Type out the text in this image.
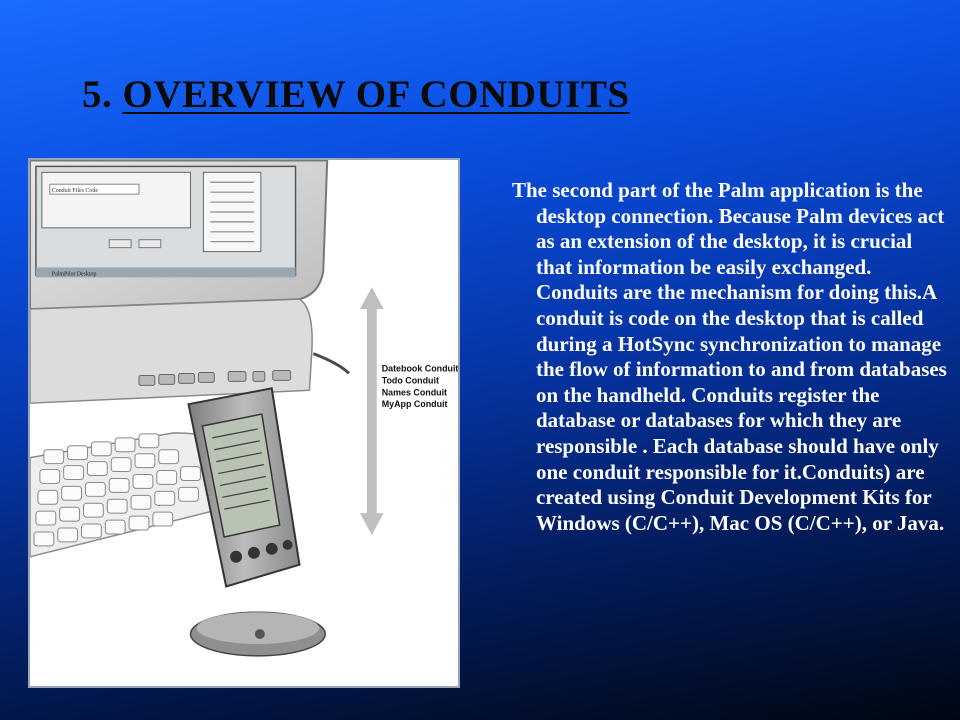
5. OVERVIEW OF CONDUITS
PalmPilot Desktop
Conduit Files Code
Datebook Conduit
Todo Conduit
Names Conduit
MyApp Conduit

The second part of the Palm application is the desktop connection. Because Palm devices act as an extension of the desktop, it is crucial that information be easily exchanged. Conduits are the mechanism for doing this.A conduit is code on the desktop that is called during a HotSync synchronization to manage the flow of information to and from databases on the handheld. Conduits register the database or databases for which they are responsible . Each database should have only one conduit responsible for it.Conduits) are created using Conduit Development Kits for Windows (C/C++), Mac OS (C/C++), or Java.
